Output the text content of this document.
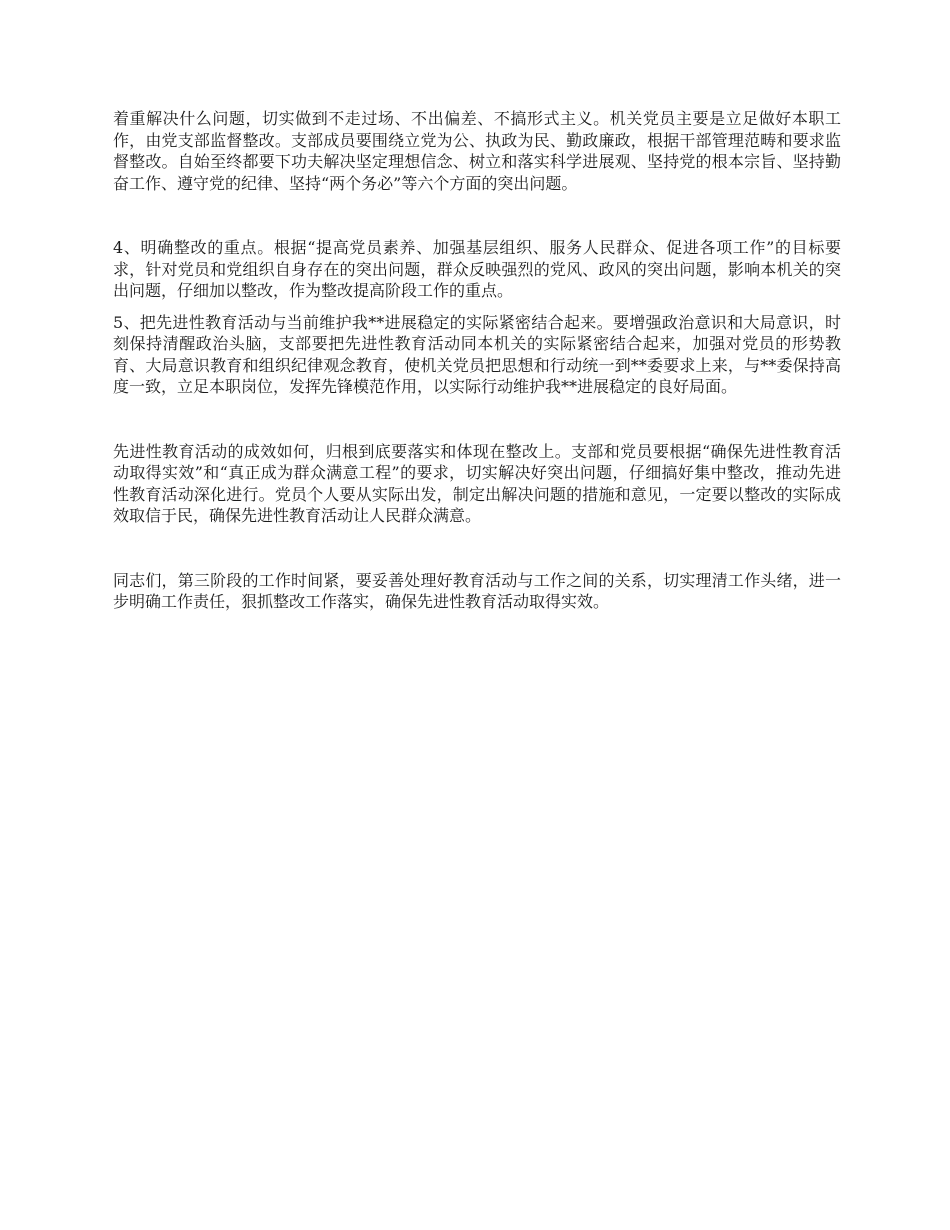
着重解决什么问题，切实做到不走过场、不出偏差、不搞形式主义。机关党员主要是立足做好本职工作，由党支部监督整改。支部成员要围绕立党为公、执政为民、勤政廉政，根据干部管理范畴和要求监督整改。自始至终都要下功夫解决坚定理想信念、树立和落实科学进展观、坚持党的根本宗旨、坚持勤奋工作、遵守党的纪律、坚持“两个务必”等六个方面的突出问题。

4、明确整改的重点。根据“提高党员素养、加强基层组织、服务人民群众、促进各项工作”的目标要求，针对党员和党组织自身存在的突出问题，群众反映强烈的党风、政风的突出问题，影响本机关的突出问题，仔细加以整改，作为整改提高阶段工作的重点。

5、把先进性教育活动与当前维护我**进展稳定的实际紧密结合起来。要增强政治意识和大局意识，时刻保持清醒政治头脑，支部要把先进性教育活动同本机关的实际紧密结合起来，加强对党员的形势教育、大局意识教育和组织纪律观念教育，使机关党员把思想和行动统一到**委要求上来，与**委保持高度一致，立足本职岗位，发挥先锋模范作用，以实际行动维护我**进展稳定的良好局面。

先进性教育活动的成效如何，归根到底要落实和体现在整改上。支部和党员要根据“确保先进性教育活动取得实效”和“真正成为群众满意工程”的要求，切实解决好突出问题，仔细搞好集中整改，推动先进性教育活动深化进行。党员个人要从实际出发，制定出解决问题的措施和意见，一定要以整改的实际成效取信于民，确保先进性教育活动让人民群众满意。

同志们，第三阶段的工作时间紧，要妥善处理好教育活动与工作之间的关系，切实理清工作头绪，进一步明确工作责任，狠抓整改工作落实，确保先进性教育活动取得实效。
